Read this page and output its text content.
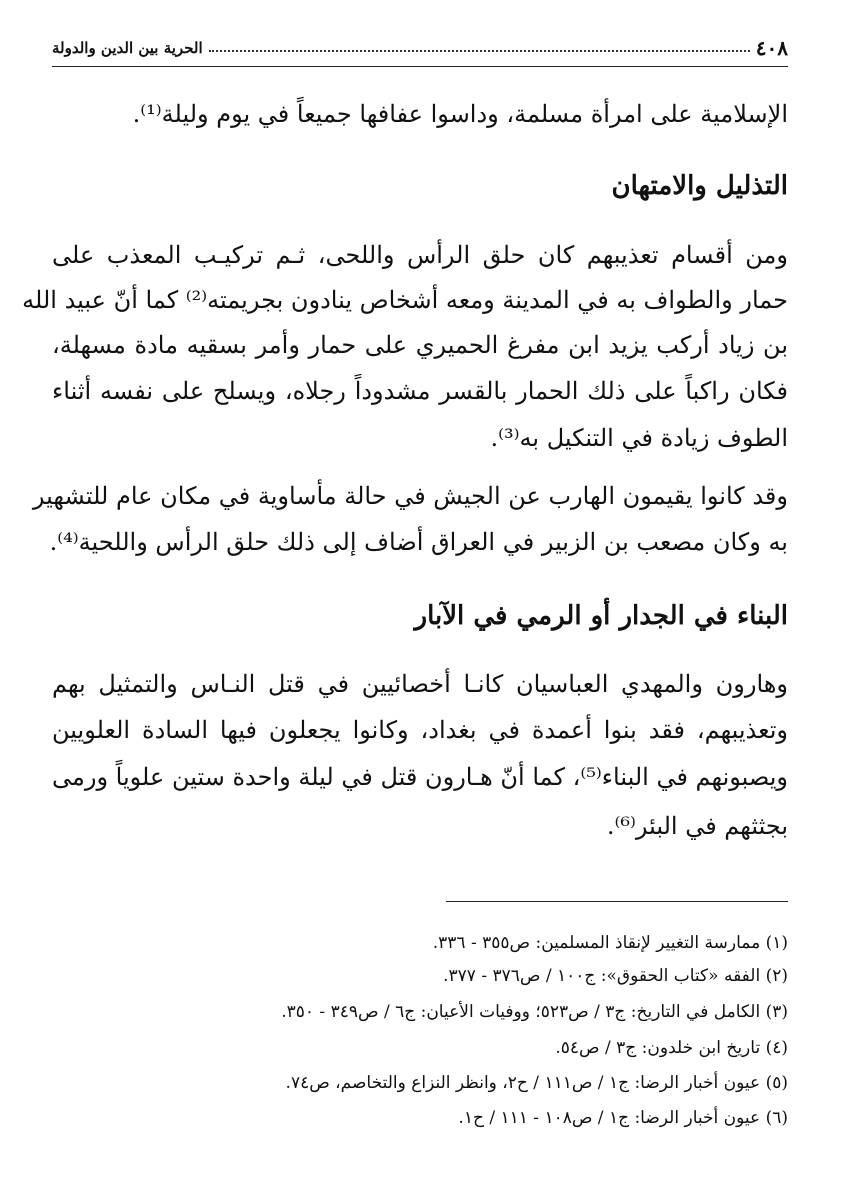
٤٠٨
الحرية بين الدين والدولة
الإسلامية على امرأة مسلمة، وداسوا عفافها جميعاً في يوم وليلة⁽¹⁾.
التذليل والامتهان
ومن أقسام تعذيبهم كان حلق الرأس واللحى، ثـم تركيـب المعذب على
حمار والطواف به في المدينة ومعه أشخاص ينادون بجريمته⁽²⁾ كما أنّ عبيد الله
بن زياد أركب يزيد ابن مفرغ الحميري على حمار وأمر بسقيه مادة مسهلة،
فكان راكباً على ذلك الحمار بالقسر مشدوداً رجلاه، ويسلح على نفسه أثناء
الطوف زيادة في التنكيل به⁽³⁾.
وقد كانوا يقيمون الهارب عن الجيش في حالة مأساوية في مكان عام للتشهير
به وكان مصعب بن الزبير في العراق أضاف إلى ذلك حلق الرأس واللحية⁽⁴⁾.
البناء في الجدار أو الرمي في الآبار
وهارون والمهدي العباسيان كانـا أخصائيين في قتل النـاس والتمثيل بهم
وتعذيبهم، فقد بنوا أعمدة في بغداد، وكانوا يجعلون فيها السادة العلويين
ويصبونهم في البناء⁽⁵⁾، كما أنّ هـارون قتل في ليلة واحدة ستين علوياً ورمى
بجثثهم في البئر⁽⁶⁾.
(١) ممارسة التغيير لإنقاذ المسلمين: ص٣٥٥ - ٣٣٦.
(٢) الفقه «كتاب الحقوق»: ج١٠٠ / ص٣٧٦ - ٣٧٧.
(٣) الكامل في التاريخ: ج٣ / ص٥٢٣؛ ووفيات الأعيان: ج٦ / ص٣٤٩ - ٣٥٠.
(٤) تاريخ ابن خلدون: ج٣ / ص٥٤.
(٥) عيون أخبار الرضا: ج١ / ص١١١ / ح٢، وانظر النزاع والتخاصم، ص٧٤.
(٦) عيون أخبار الرضا: ج١ / ص١٠٨ - ١١١ / ح١.
